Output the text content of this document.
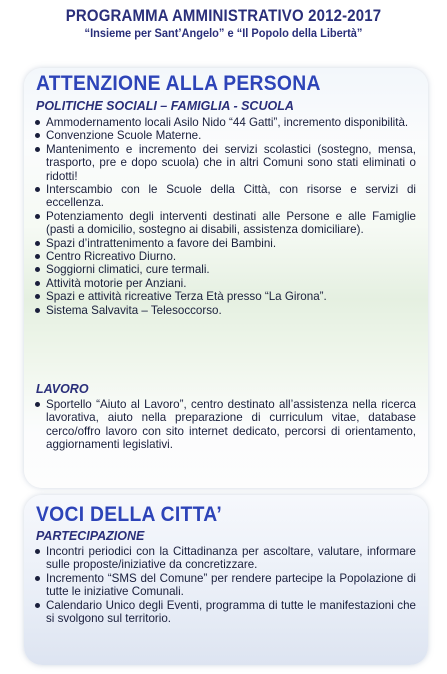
PROGRAMMA AMMINISTRATIVO 2012-2017
“Insieme per Sant’Angelo” e “Il Popolo della Libertà”
ATTENZIONE ALLA PERSONA
POLITICHE SOCIALI – FAMIGLIA - SCUOLA
Ammodernamento locali Asilo Nido “44 Gatti”, incremento disponibilità.
Convenzione Scuole Materne.
Mantenimento e incremento dei servizi scolastici (sostegno, mensa, trasporto, pre e dopo scuola) che in altri Comuni sono stati eliminati o ridotti!
Interscambio con le Scuole della Città, con risorse e servizi di eccellenza.
Potenziamento degli interventi destinati alle Persone e alle Famiglie (pasti a domicilio, sostegno ai disabili, assistenza domiciliare).
Spazi d’intrattenimento a favore dei Bambini.
Centro Ricreativo Diurno.
Soggiorni climatici, cure termali.
Attività motorie per Anziani.
Spazi e attività ricreative Terza Età presso “La Girona”.
Sistema Salvavita – Telesoccorso.
LAVORO
Sportello “Aiuto al Lavoro”, centro destinato all’assistenza nella ricerca lavorativa, aiuto nella preparazione di curriculum vitae, database cerco/offro lavoro con sito internet dedicato, percorsi di orientamento, aggiornamenti legislativi.
VOCI DELLA CITTA’
PARTECIPAZIONE
Incontri periodici con la Cittadinanza per ascoltare, valutare, informare sulle proposte/iniziative da concretizzare.
Incremento “SMS del Comune” per rendere partecipe la Popolazione di tutte le iniziative Comunali.
Calendario Unico degli Eventi, programma di tutte le manifestazioni che si svolgono sul territorio.
